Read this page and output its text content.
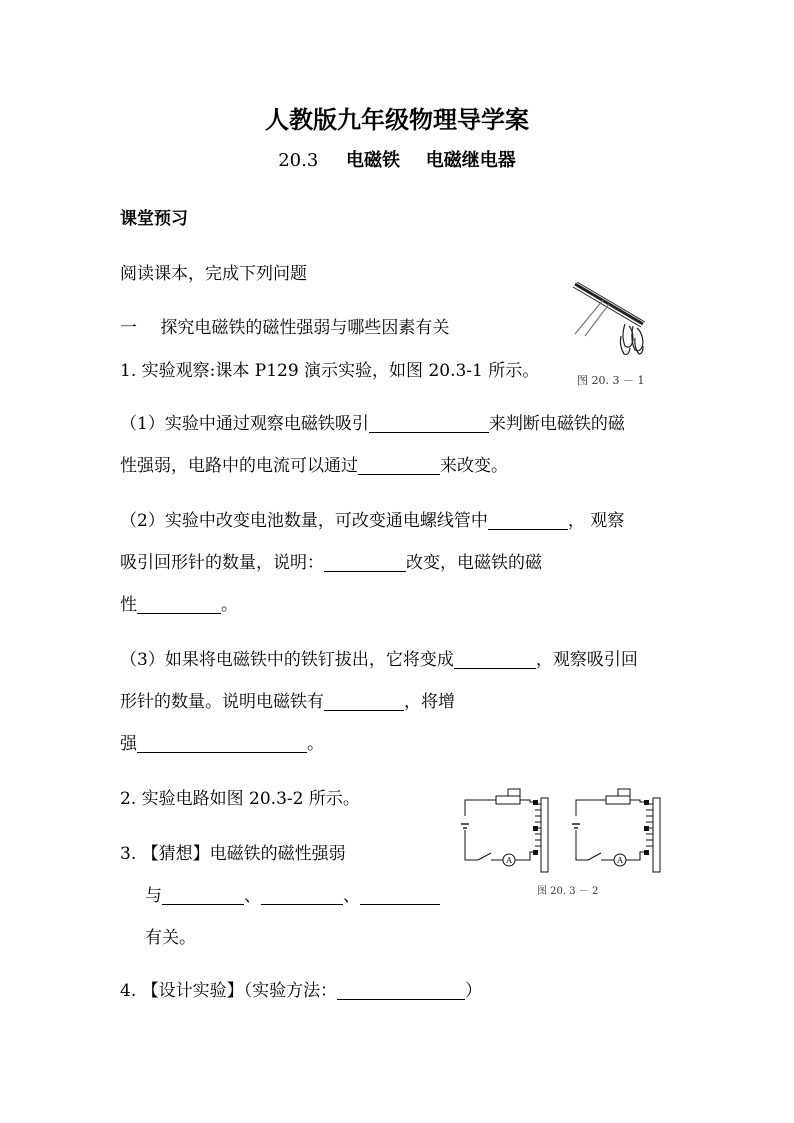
人教版九年级物理导学案
20.3 电磁铁 电磁继电器
课堂预习
阅读课本，完成下列问题
一 探究电磁铁的磁性强弱与哪些因素有关
1. 实验观察:课本 P129 演示实验，如图 20.3-1 所示。
（1）实验中通过观察电磁铁吸引	来判断电磁铁的磁
性强弱，电路中的电流可以通过	来改变。
（2）实验中改变电池数量，可改变通电螺线管中	， 观察
吸引回形针的数量，说明：	改变，电磁铁的磁
性	。
（3）如果将电磁铁中的铁钉拔出，它将变成	，观察吸引回
形针的数量。说明电磁铁有	，将增
强	。
2. 实验电路如图 20.3-2 所示。
3. 【猜想】电磁铁的磁性强弱
与	、	、
有关。
4. 【设计实验】（实验方法：	）
图 20. 3 － 1
A	A
图 20. 3 － 2
